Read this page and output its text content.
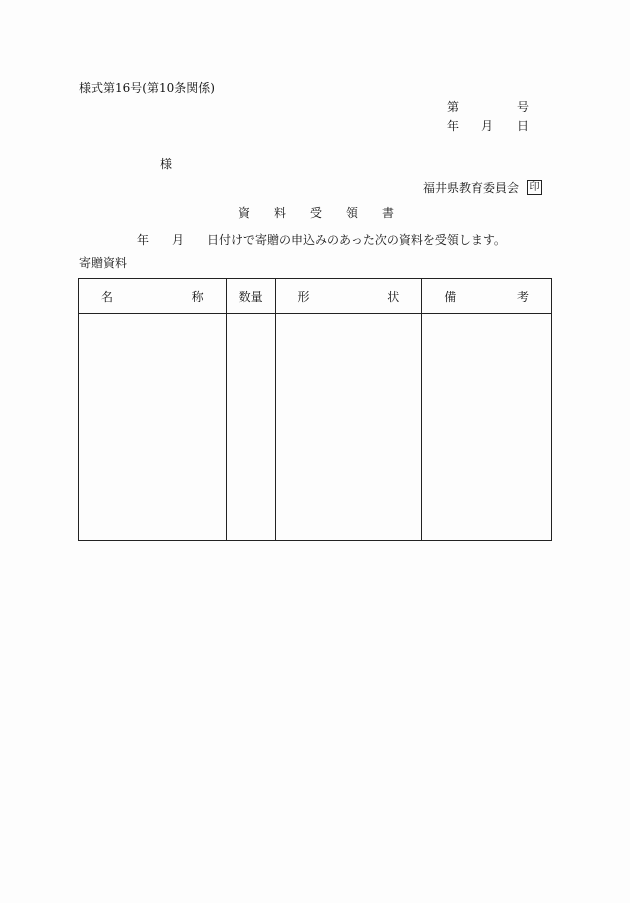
様式第16号(第10条関係)
第	号
年 月 日
様
福井県教育委員会 印
資　　料　　受　　領　　書
年 月 日付けで寄贈の申込みのあった次の資料を受領します。
寄贈資料
名 称	数量	形 状	備 考
